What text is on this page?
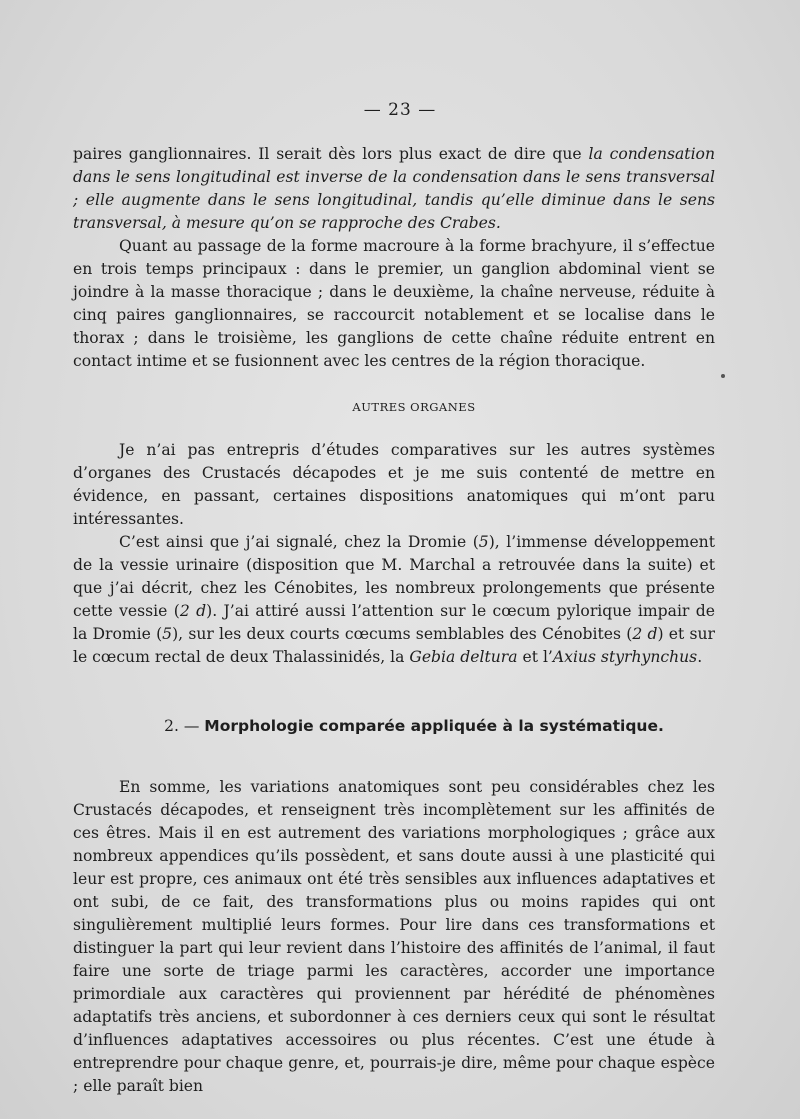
— 23 —

paires ganglionnaires. Il serait dès lors plus exact de dire que la condensation dans le sens longitudinal est inverse de la condensation dans le sens transversal ; elle augmente dans le sens longitudinal, tandis qu’elle diminue dans le sens transversal, à mesure qu’on se rapproche des Crabes.

Quant au passage de la forme macroure à la forme brachyure, il s’effectue en trois temps principaux : dans le premier, un ganglion abdominal vient se joindre à la masse thoracique ; dans le deuxième, la chaîne nerveuse, réduite à cinq paires ganglionnaires, se raccourcit notablement et se localise dans le thorax ; dans le troisième, les ganglions de cette chaîne réduite entrent en contact intime et se fusionnent avec les centres de la région thoracique.

AUTRES ORGANES

Je n’ai pas entrepris d’études comparatives sur les autres systèmes d’organes des Crustacés décapodes et je me suis contenté de mettre en évidence, en passant, certaines dispositions anatomiques qui m’ont paru intéressantes.

C’est ainsi que j’ai signalé, chez la Dromie (5), l’immense développement de la vessie urinaire (disposition que M. Marchal a retrouvée dans la suite) et que j’ai décrit, chez les Cénobites, les nombreux prolongements que présente cette vessie (2 d). J’ai attiré aussi l’attention sur le cœcum pylorique impair de la Dromie (5), sur les deux courts cœcums semblables des Cénobites (2 d) et sur le cœcum rectal de deux Thalassinidés, la Gebia deltura et l’Axius styrhynchus.

2. — Morphologie comparée appliquée à la systématique.

En somme, les variations anatomiques sont peu considérables chez les Crustacés décapodes, et renseignent très incomplètement sur les affinités de ces êtres. Mais il en est autrement des variations morphologiques ; grâce aux nombreux appendices qu’ils possèdent, et sans doute aussi à une plasticité qui leur est propre, ces animaux ont été très sensibles aux influences adaptatives et ont subi, de ce fait, des transformations plus ou moins rapides qui ont singulièrement multiplié leurs formes. Pour lire dans ces transformations et distinguer la part qui leur revient dans l’histoire des affinités de l’animal, il faut faire une sorte de triage parmi les caractères, accorder une importance primordiale aux caractères qui proviennent par hérédité de phénomènes adaptatifs très anciens, et subordonner à ces derniers ceux qui sont le résultat d’influences adaptatives accessoires ou plus récentes. C’est une étude à entreprendre pour chaque genre, et, pourrais-je dire, même pour chaque espèce ; elle paraît bien
